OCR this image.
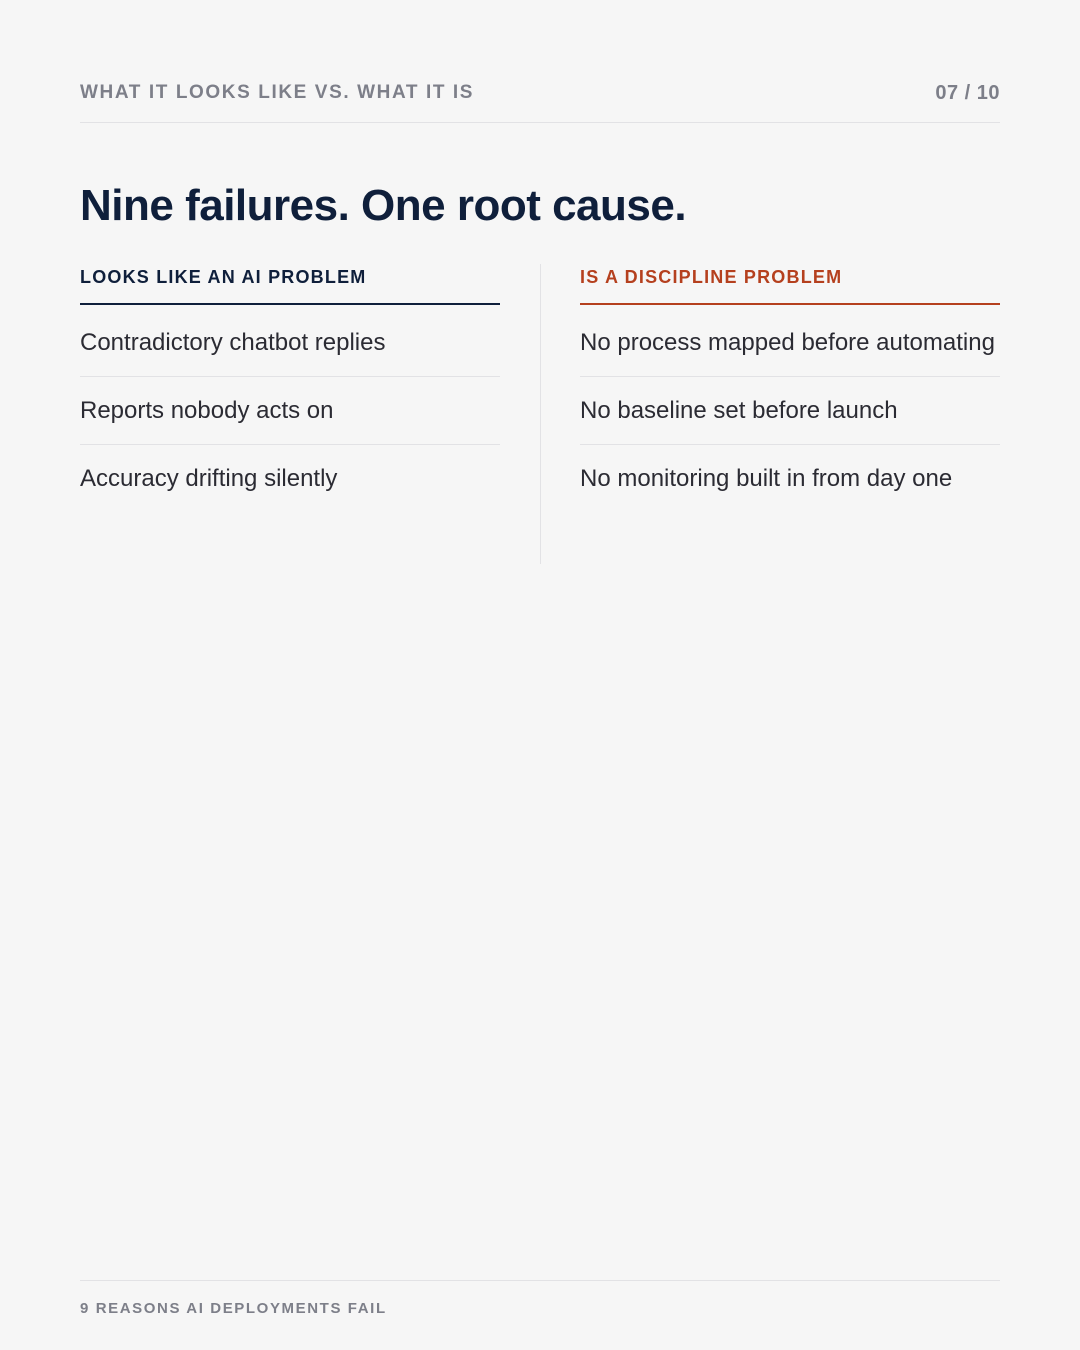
WHAT IT LOOKS LIKE VS. WHAT IT IS	07 / 10
Nine failures. One root cause.
LOOKS LIKE AN AI PROBLEM
Contradictory chatbot replies
Reports nobody acts on
Accuracy drifting silently
IS A DISCIPLINE PROBLEM
No process mapped before automating
No baseline set before launch
No monitoring built in from day one
9 REASONS AI DEPLOYMENTS FAIL
